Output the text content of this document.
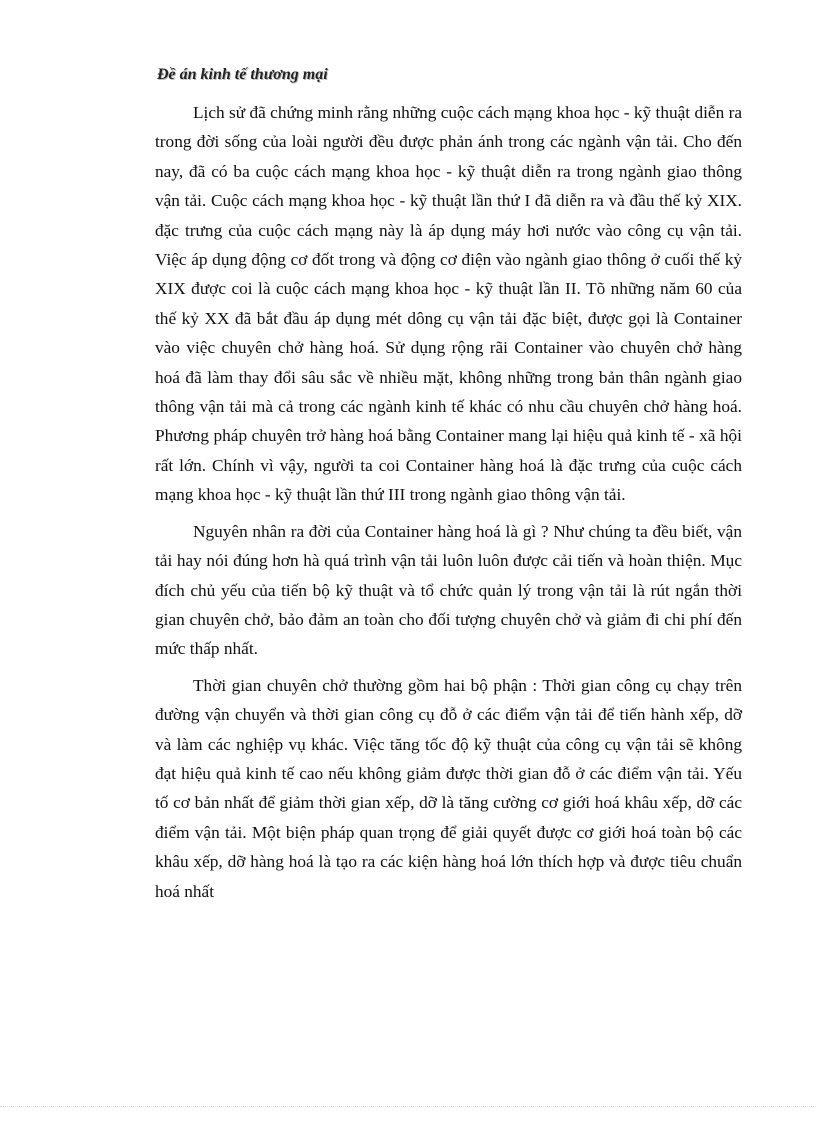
Đề án kinh tế thương mại

Lịch sử đã chứng minh rằng những cuộc cách mạng khoa học - kỹ thuật diễn ra trong đời sống của loài người đều được phản ánh trong các ngành vận tải. Cho đến nay, đã có ba cuộc cách mạng khoa học - kỹ thuật diễn ra trong ngành giao thông vận tải. Cuộc cách mạng khoa học - kỹ thuật lần thứ I đã diễn ra và đầu thế kỷ XIX. đặc trưng của cuộc cách mạng này là áp dụng máy hơi nước vào công cụ vận tải. Việc áp dụng động cơ đốt trong và động cơ điện vào ngành giao thông ở cuối thế kỷ XIX được coi là cuộc cách mạng khoa học - kỹ thuật lần II. Tõ những năm 60 của thế kỷ XX đã bắt đầu áp dụng mét dông cụ vận tải đặc biệt, được gọi là Container vào việc chuyên chở hàng hoá. Sử dụng rộng rãi Container vào chuyên chở hàng hoá đã làm thay đổi sâu sắc về nhiều mặt, không những trong bản thân ngành giao thông vận tải mà cả trong các ngành kinh tế khác có nhu cầu chuyên chở hàng hoá. Phương pháp chuyên trở hàng hoá bằng Container mang lại hiệu quả kinh tế - xã hội rất lớn. Chính vì vậy, người ta coi Container hàng hoá là đặc trưng của cuộc cách mạng khoa học - kỹ thuật lần thứ III trong ngành giao thông vận tải.

Nguyên nhân ra đời của Container hàng hoá là gì ? Như chúng ta đều biết, vận tải hay nói đúng hơn hà quá trình vận tải luôn luôn được cải tiến và hoàn thiện. Mục đích chủ yếu của tiến bộ kỹ thuật và tổ chức quản lý trong vận tải là rút ngắn thời gian chuyên chở, bảo đảm an toàn cho đối tượng chuyên chở và giảm đi chi phí đến mức thấp nhất.

Thời gian chuyên chở thường gồm hai bộ phận : Thời gian công cụ chạy trên đường vận chuyển và thời gian công cụ đỗ ở các điểm vận tải để tiến hành xếp, dỡ và làm các nghiệp vụ khác. Việc tăng tốc độ kỹ thuật của công cụ vận tải sẽ không đạt hiệu quả kinh tế cao nếu không giảm được thời gian đỗ ở các điểm vận tải. Yếu tố cơ bản nhất để giảm thời gian xếp, dỡ là tăng cường cơ giới hoá khâu xếp, dỡ các điểm vận tải. Một biện pháp quan trọng để giải quyết được cơ giới hoá toàn bộ các khâu xếp, dỡ hàng hoá là tạo ra các kiện hàng hoá lớn thích hợp và được tiêu chuẩn hoá nhất
